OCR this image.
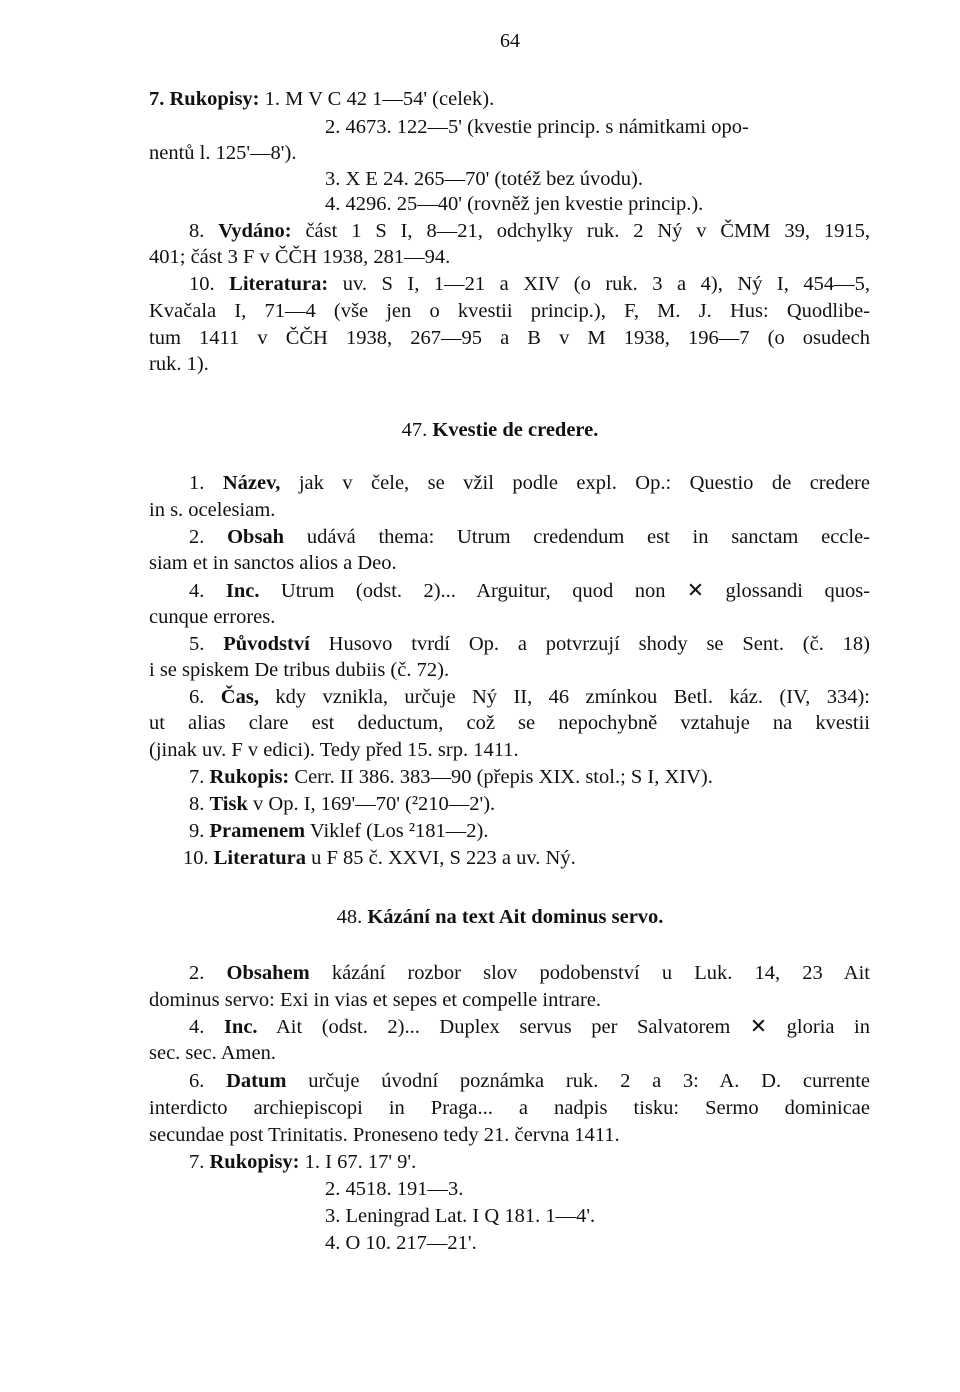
64

7. Rukopisy: 1. M V C 42 1—54' (celek).

2. 4673. 122—5' (kvestie princip. s námitkami opo-

nentů l. 125'—8').

3. X E 24. 265—70' (totéž bez úvodu).

4. 4296. 25—40' (rovněž jen kvestie princip.).

8. Vydáno: část 1 S I, 8—21, odchylky ruk. 2 Ný v ČMM 39, 1915,

401; část 3 F v ČČH 1938, 281—94.

10. Literatura: uv. S I, 1—21 a XIV (o ruk. 3 a 4), Ný I, 454—5,

Kvačala I, 71—4 (vše jen o kvestii princip.), F, M. J. Hus: Quodlibe-

tum 1411 v ČČH 1938, 267—95 a B v M 1938, 196—7 (o osudech

ruk. 1).

47. Kvestie de credere.

1. Název, jak v čele, se vžil podle expl. Op.: Questio de credere

in s. ocelesiam.

2. Obsah udává thema: Utrum credendum est in sanctam eccle-

siam et in sanctos alios a Deo.

4. Inc. Utrum (odst. 2)... Arguitur, quod non ✕ glossandi quos-

cunque errores.

5. Původství Husovo tvrdí Op. a potvrzují shody se Sent. (č. 18)

i se spiskem De tribus dubiis (č. 72).

6. Čas, kdy vznikla, určuje Ný II, 46 zmínkou Betl. káz. (IV, 334):

ut alias clare est deductum, což se nepochybně vztahuje na kvestii

(jinak uv. F v edici). Tedy před 15. srp. 1411.

7. Rukopis: Cerr. II 386. 383—90 (přepis XIX. stol.; S I, XIV).

8. Tisk v Op. I, 169'—70' (²210—2').

9. Pramenem Viklef (Los ²181—2).

10. Literatura u F 85 č. XXVI, S 223 a uv. Ný.

48. Kázání na text Ait dominus servo.

2. Obsahem kázání rozbor slov podobenství u Luk. 14, 23 Ait

dominus servo: Exi in vias et sepes et compelle intrare.

4. Inc. Ait (odst. 2)... Duplex servus per Salvatorem ✕ gloria in

sec. sec. Amen.

6. Datum určuje úvodní poznámka ruk. 2 a 3: A. D. currente

interdicto archiepiscopi in Praga... a nadpis tisku: Sermo dominicae

secundae post Trinitatis. Proneseno tedy 21. června 1411.

7. Rukopisy: 1. I 67. 17' 9'.

2. 4518. 191—3.

3. Leningrad Lat. I Q 181. 1—4'.

4. O 10. 217—21'.
